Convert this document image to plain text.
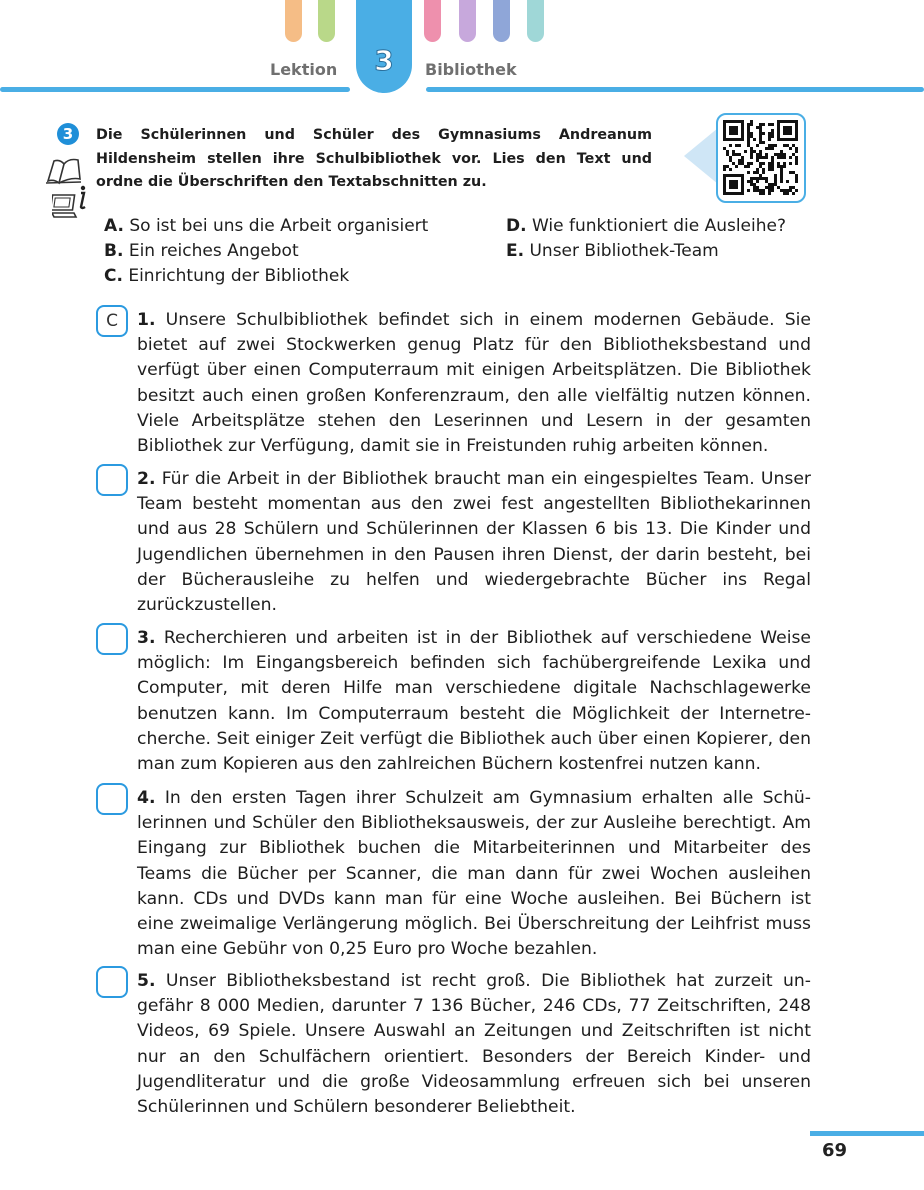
Lektion	3	Bibliothek
3	Die Schülerinnen und Schüler des Gymnasiums Andreanum Hildensheim stellen ihre Schulbibliothek vor. Lies den Text und ordne die Überschriften den Textabschnitten zu.
A. So ist bei uns die Arbeit organisiert
B. Ein reiches Angebot
C. Einrichtung der Bibliothek
D. Wie funktioniert die Ausleihe?
E. Unser Bibliothek-Team
C	1. Unsere Schulbibliothek befindet sich in einem modernen Gebäude. Sie bietet auf zwei Stockwerken genug Platz für den Bibliotheksbestand und verfügt über einen Computerraum mit einigen Arbeitsplätzen. Die Bibliothek besitzt auch einen großen Konferenzraum, den alle vielfältig nutzen können. Viele Arbeitsplätze stehen den Leserinnen und Lesern in der gesamten Bibliothek zur Verfügung, damit sie in Freistunden ruhig arbeiten können.
2. Für die Arbeit in der Bibliothek braucht man ein eingespieltes Team. Unser Team besteht momentan aus den zwei fest angestellten Bibliothekarinnen und aus 28 Schülern und Schülerinnen der Klassen 6 bis 13. Die Kinder und Jugendlichen übernehmen in den Pausen ihren Dienst, der darin besteht, bei der Bücherausleihe zu helfen und wiedergebrachte Bücher ins Regal zurückzustellen.
3. Recherchieren und arbeiten ist in der Bibliothek auf verschiedene Weise möglich: Im Eingangsbereich befinden sich fachübergreifende Lexika und Computer, mit deren Hilfe man verschiedene digitale Nachschlagewerke benutzen kann. Im Computerraum besteht die Möglichkeit der Internetrecherche. Seit einiger Zeit verfügt die Bibliothek auch über einen Kopierer, den man zum Kopieren aus den zahlreichen Büchern kostenfrei nutzen kann.
4. In den ersten Tagen ihrer Schulzeit am Gymnasium erhalten alle Schülerinnen und Schüler den Bibliotheksausweis, der zur Ausleihe berechtigt. Am Eingang zur Bibliothek buchen die Mitarbeiterinnen und Mitarbeiter des Teams die Bücher per Scanner, die man dann für zwei Wochen ausleihen kann. CDs und DVDs kann man für eine Woche ausleihen. Bei Büchern ist eine zweimalige Verlängerung möglich. Bei Überschreitung der Leihfrist muss man eine Gebühr von 0,25 Euro pro Woche bezahlen.
5. Unser Bibliotheksbestand ist recht groß. Die Bibliothek hat zurzeit ungefähr 8 000 Medien, darunter 7 136 Bücher, 246 CDs, 77 Zeitschriften, 248 Videos, 69 Spiele. Unsere Auswahl an Zeitungen und Zeitschriften ist nicht nur an den Schulfächern orientiert. Besonders der Bereich Kinder- und Jugendliteratur und die große Videosammlung erfreuen sich bei unseren Schülerinnen und Schülern besonderer Beliebtheit.
69
